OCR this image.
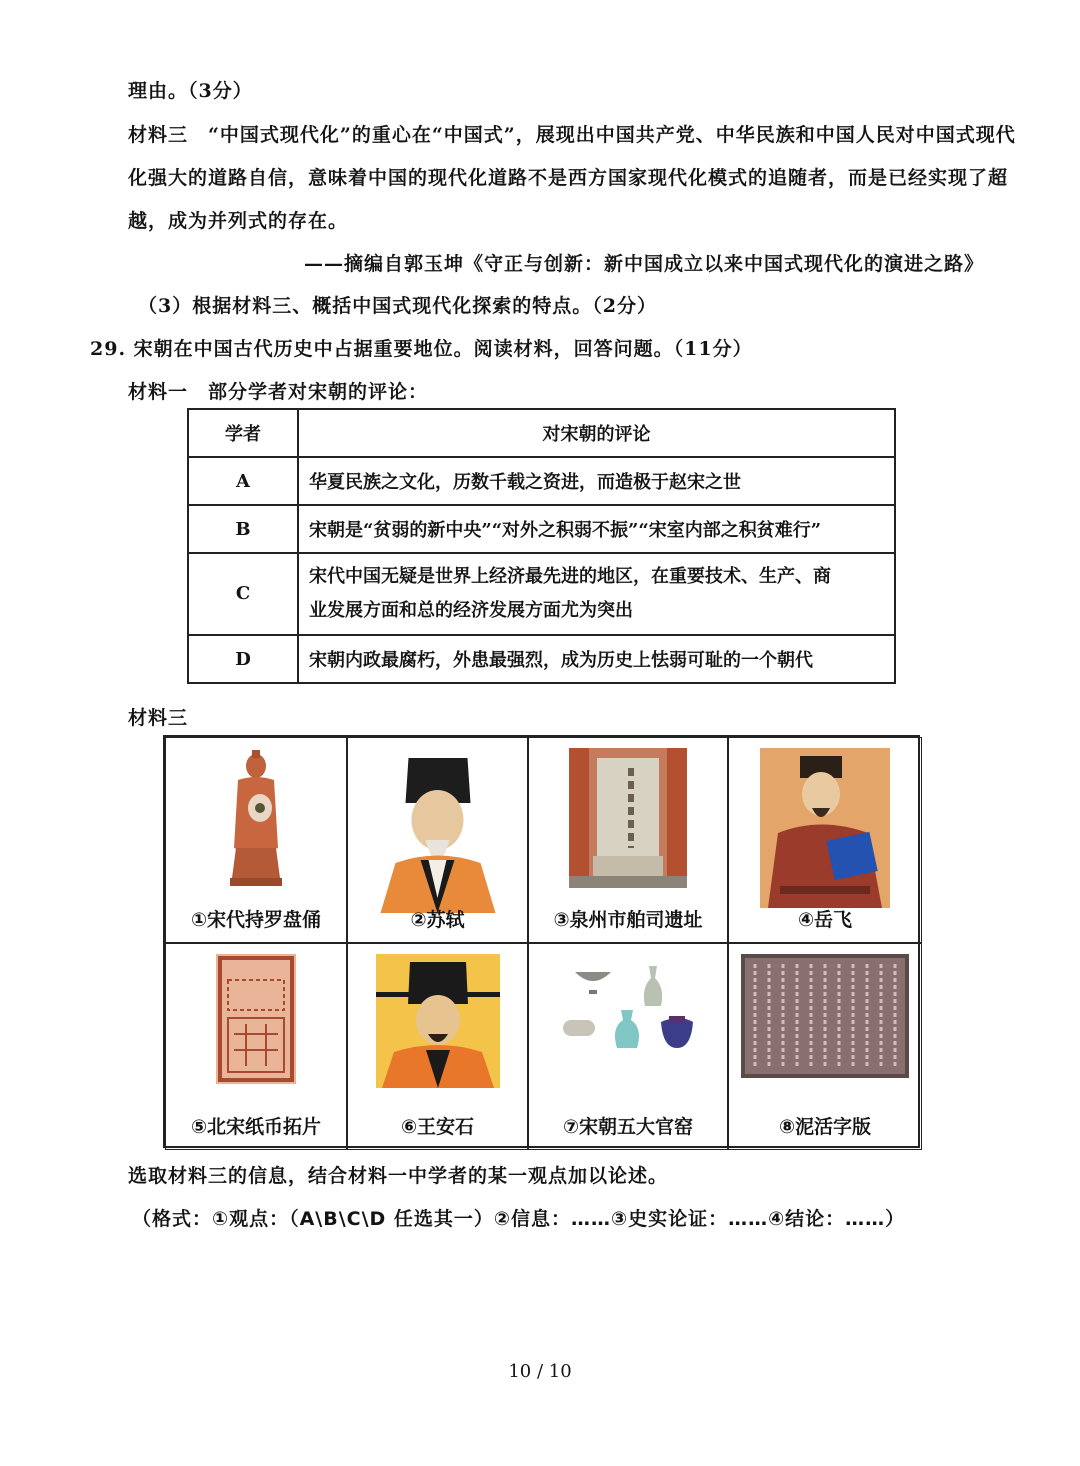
理由。（3分）
材料三　“中国式现代化”的重心在“中国式”，展现出中国共产党、中华民族和中国人民对中国式现代
化强大的道路自信，意味着中国的现代化道路不是西方国家现代化模式的追随者，而是已经实现了超
越，成为并列式的存在。
——摘编自郭玉坤《守正与创新：新中国成立以来中国式现代化的演进之路》
（3）根据材料三、概括中国式现代化探索的特点。（2分）
29. 宋朝在中国古代历史中占据重要地位。阅读材料，回答问题。（11分）
材料一　部分学者对宋朝的评论：
学者	对宋朝的评论
A	华夏民族之文化，历数千载之资进，而造极于赵宋之世
B	宋朝是“贫弱的新中央”“对外之积弱不振”“宋室内部之积贫难行”
C	宋代中国无疑是世界上经济最先进的地区，在重要技术、生产、商
业发展方面和总的经济发展方面尤为突出
D	宋朝内政最腐朽，外患最强烈，成为历史上怯弱可耻的一个朝代
材料三
①宋代持罗盘俑	②苏轼	③泉州市舶司遗址	④岳飞
⑤北宋纸币拓片	⑥王安石	⑦宋朝五大官窑	⑧泥活字版
选取材料三的信息，结合材料一中学者的某一观点加以论述。
（格式：①观点：（A\B\C\D 任选其一）②信息：……③史实论证：……④结论：……）
10 / 10
